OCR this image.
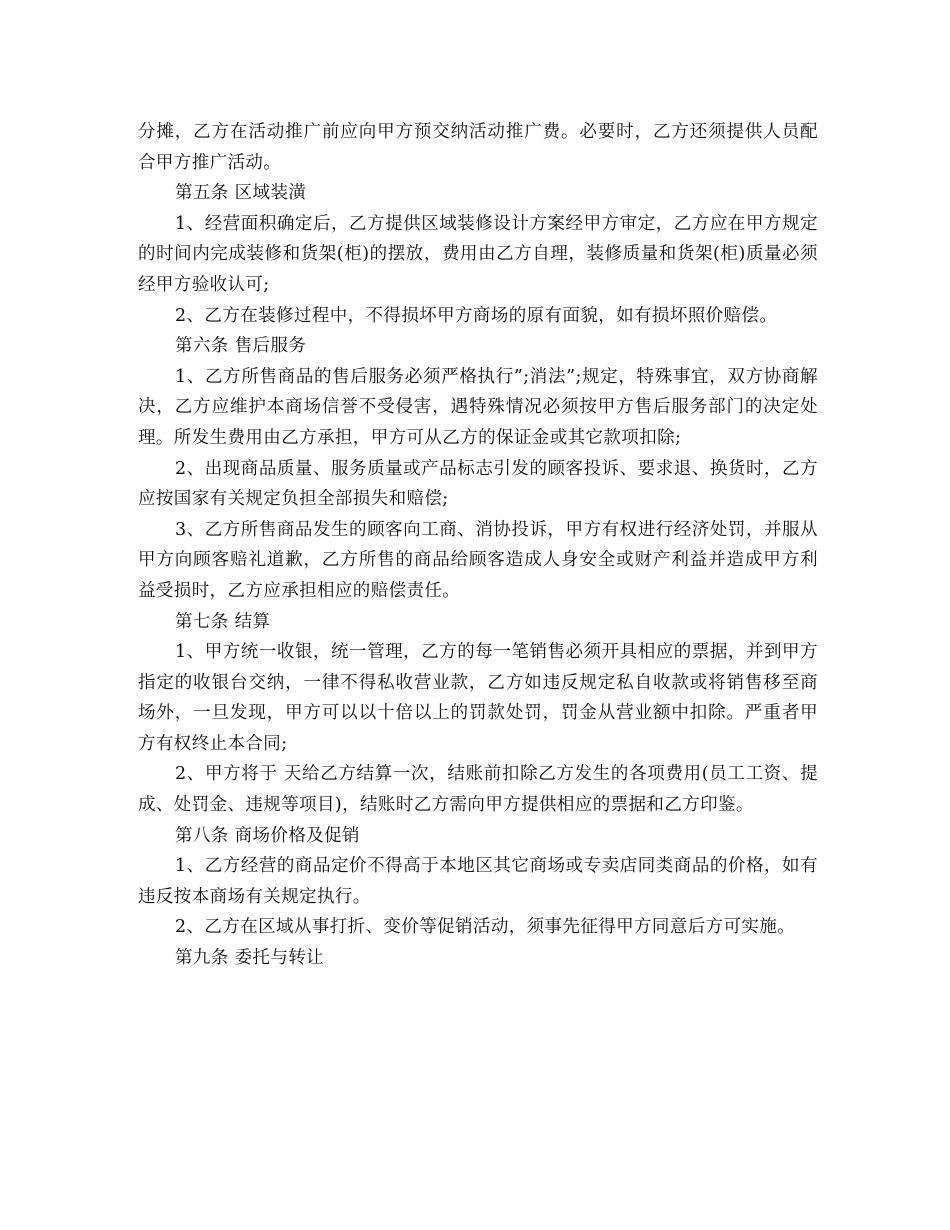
分摊，乙方在活动推广前应向甲方预交纳活动推广费。必要时，乙方还须提供人员配合甲方推广活动。

第五条 区域装潢

1、经营面积确定后，乙方提供区域装修设计方案经甲方审定，乙方应在甲方规定的时间内完成装修和货架(柜)的摆放，费用由乙方自理，装修质量和货架(柜)质量必须经甲方验收认可;

2、乙方在装修过程中，不得损坏甲方商场的原有面貌，如有损坏照价赔偿。

第六条 售后服务

1、乙方所售商品的售后服务必须严格执行”;消法”;规定，特殊事宜，双方协商解决，乙方应维护本商场信誉不受侵害，遇特殊情况必须按甲方售后服务部门的决定处理。所发生费用由乙方承担，甲方可从乙方的保证金或其它款项扣除;

2、出现商品质量、服务质量或产品标志引发的顾客投诉、要求退、换货时，乙方应按国家有关规定负担全部损失和赔偿;

3、乙方所售商品发生的顾客向工商、消协投诉，甲方有权进行经济处罚，并服从甲方向顾客赔礼道歉，乙方所售的商品给顾客造成人身安全或财产利益并造成甲方利益受损时，乙方应承担相应的赔偿责任。

第七条 结算

1、甲方统一收银，统一管理，乙方的每一笔销售必须开具相应的票据，并到甲方指定的收银台交纳，一律不得私收营业款，乙方如违反规定私自收款或将销售移至商场外，一旦发现，甲方可以以十倍以上的罚款处罚，罚金从营业额中扣除。严重者甲方有权终止本合同;

2、甲方将于 天给乙方结算一次，结账前扣除乙方发生的各项费用(员工工资、提成、处罚金、违规等项目)，结账时乙方需向甲方提供相应的票据和乙方印鉴。

第八条 商场价格及促销

1、乙方经营的商品定价不得高于本地区其它商场或专卖店同类商品的价格，如有违反按本商场有关规定执行。

2、乙方在区域从事打折、变价等促销活动，须事先征得甲方同意后方可实施。

第九条 委托与转让
